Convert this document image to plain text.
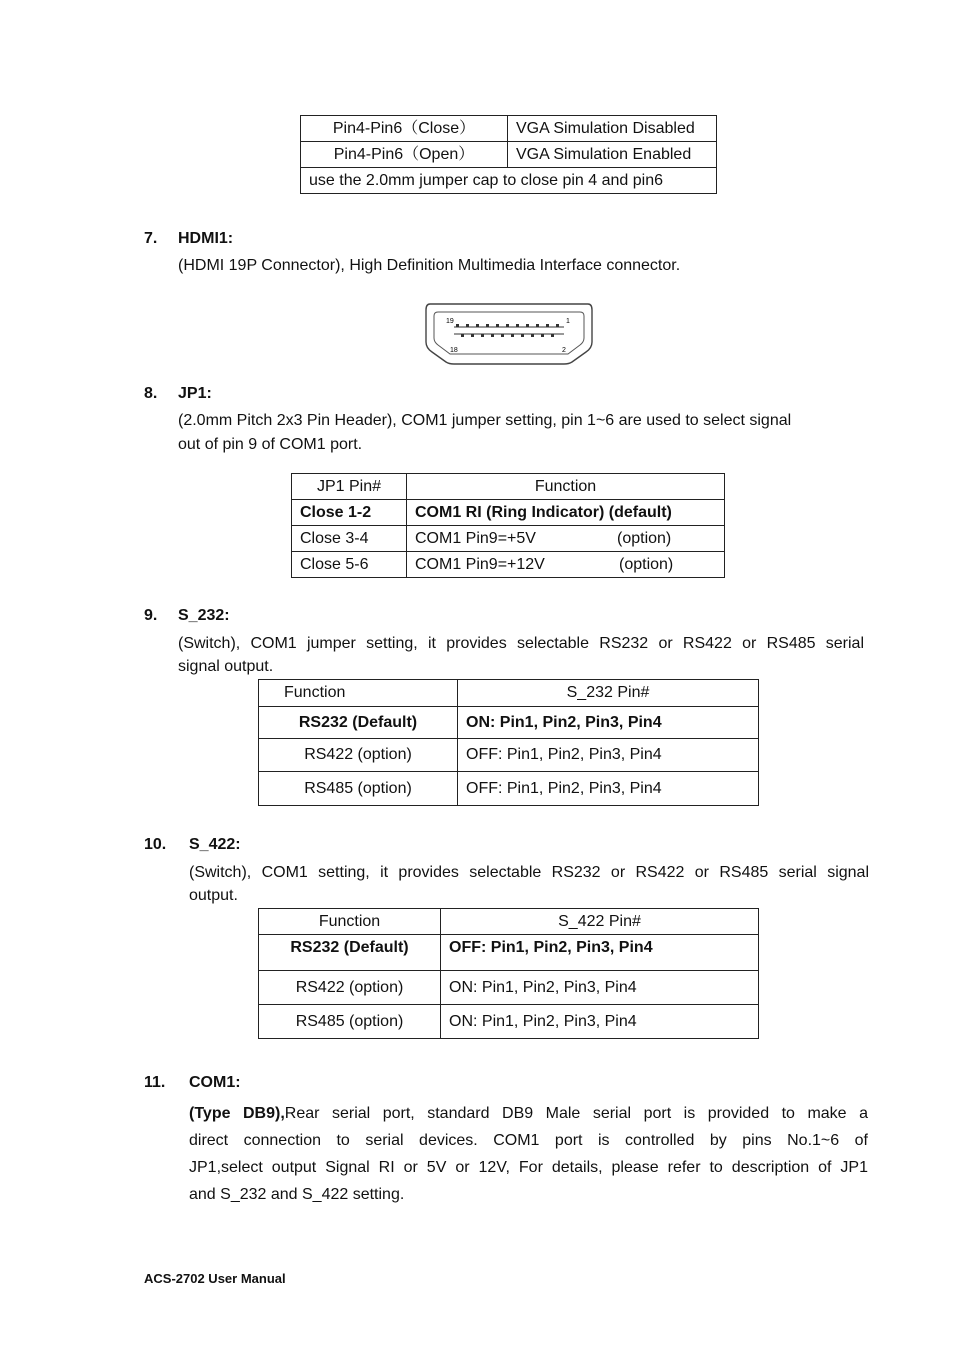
Pin4-Pin6（Close）	VGA Simulation Disabled
Pin4-Pin6（Open）	VGA Simulation Enabled
use the 2.0mm jumper cap to close pin 4 and pin6	
7. HDMI1:
(HDMI 19P Connector), High Definition Multimedia Interface connector.
19	1
18	2
8. JP1:
(2.0mm Pitch 2x3 Pin Header), COM1 jumper setting, pin 1~6 are used to select signal
out of pin 9 of COM1 port.
JP1 Pin#	Function
Close 1-2	COM1 RI (Ring Indicator) (default)
Close 3-4	COM1 Pin9=+5V (option)
Close 5-6	COM1 Pin9=+12V (option)
9. S_232:
(Switch), COM1 jumper setting, it provides selectable RS232 or RS422 or RS485 serial
signal output.
Function	S_232 Pin#
RS232 (Default)	ON: Pin1, Pin2, Pin3, Pin4
RS422 (option)	OFF: Pin1, Pin2, Pin3, Pin4
RS485 (option)	OFF: Pin1, Pin2, Pin3, Pin4
10. S_422:
(Switch), COM1 setting, it provides selectable RS232 or RS422 or RS485 serial signal
output.
Function	S_422 Pin#
RS232 (Default)	OFF: Pin1, Pin2, Pin3, Pin4
RS422 (option)	ON: Pin1, Pin2, Pin3, Pin4
RS485 (option)	ON: Pin1, Pin2, Pin3, Pin4
11. COM1:
(Type DB9),Rear serial port, standard DB9 Male serial port is provided to make a
direct connection to serial devices. COM1 port is controlled by pins No.1~6 of
JP1,select output Signal RI or 5V or 12V, For details, please refer to description of JP1
and S_232 and S_422 setting.
ACS-2702 User Manual
